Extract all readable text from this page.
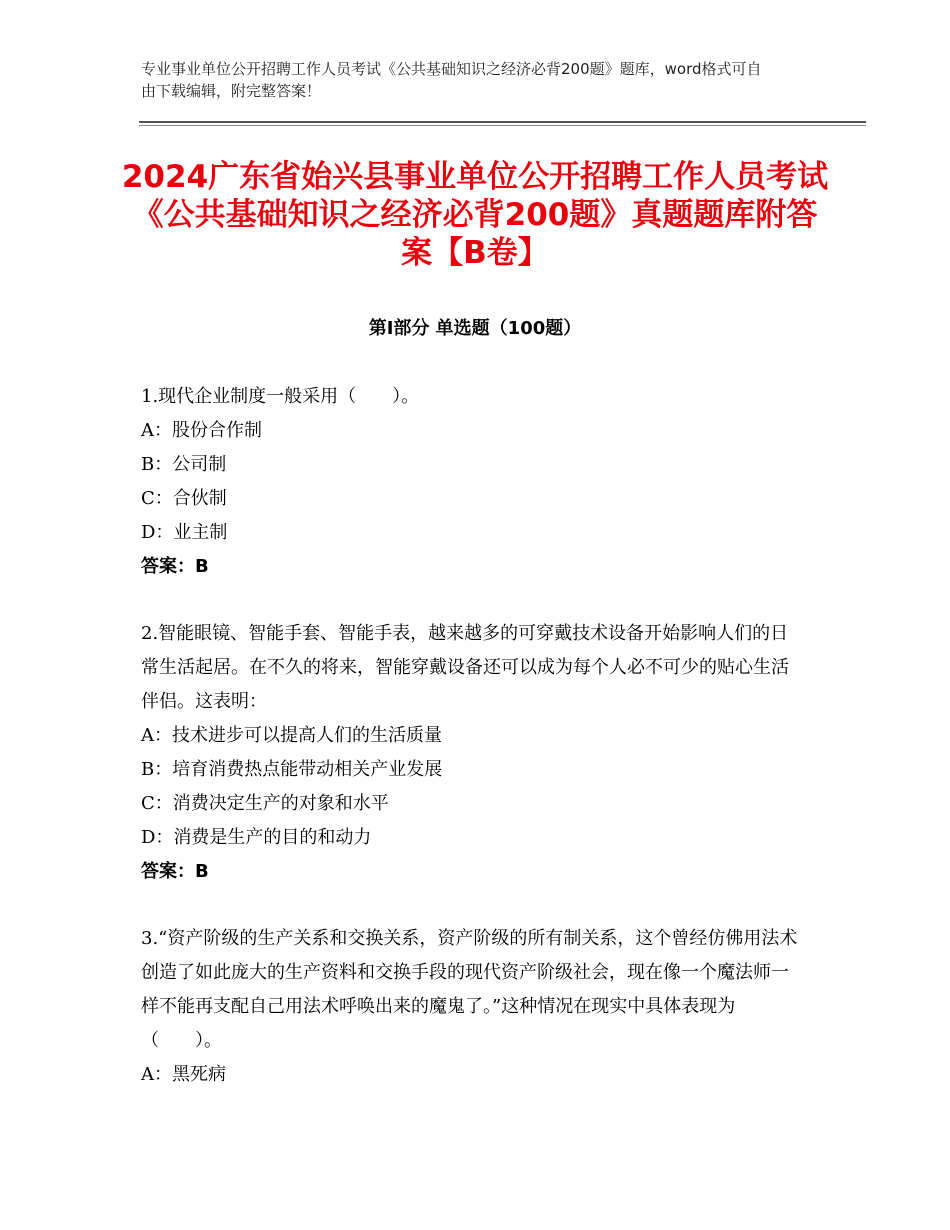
专业事业单位公开招聘工作人员考试《公共基础知识之经济必背200题》题库，word格式可自由下载编辑，附完整答案！
2024广东省始兴县事业单位公开招聘工作人员考试《公共基础知识之经济必背200题》真题题库附答案【B卷】
第Ⅰ部分 单选题（100题）

1.现代企业制度一般采用（　　）。

A：股份合作制

B：公司制

C：合伙制

D：业主制

答案：B

2.智能眼镜、智能手套、智能手表，越来越多的可穿戴技术设备开始影响人们的日常生活起居。在不久的将来，智能穿戴设备还可以成为每个人必不可少的贴心生活伴侣。这表明：

A：技术进步可以提高人们的生活质量

B：培育消费热点能带动相关产业发展

C：消费决定生产的对象和水平

D：消费是生产的目的和动力

答案：B

3.“资产阶级的生产关系和交换关系，资产阶级的所有制关系，这个曾经仿佛用法术创造了如此庞大的生产资料和交换手段的现代资产阶级社会，现在像一个魔法师一样不能再支配自己用法术呼唤出来的魔鬼了。”这种情况在现实中具体表现为（　　）。

A：黑死病
